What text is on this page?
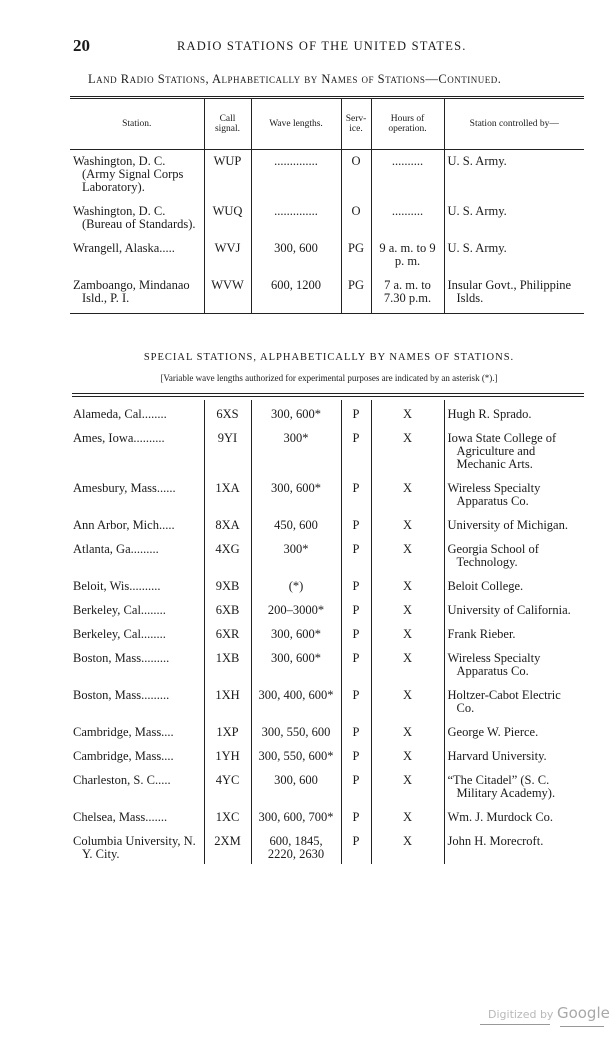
20	RADIO STATIONS OF THE UNITED STATES.
Land Radio Stations, Alphabetically by Names of Stations—Continued.
Station.	Call signal.	Wave lengths.	Serv-ice.	Hours of operation.	Station controlled by—
Washington, D. C. (Army Signal Corps Laboratory).	WUP	..............	O	..........	U. S. Army.
Washington, D. C. (Bureau of Standards).	WUQ	..............	O	..........	U. S. Army.
Wrangell, Alaska.....	WVJ	300, 600	PG	9 a. m. to 9 p. m.	U. S. Army.
Zamboango, Mindanao Isld., P. I.	WVW	600, 1200	PG	7 a. m. to 7.30 p.m.	Insular Govt., Philippine Islds.
SPECIAL STATIONS, ALPHABETICALLY BY NAMES OF STATIONS.
[Variable wave lengths authorized for experimental purposes are indicated by an asterisk (*).]
Alameda, Cal........	6XS	300, 600*	P	X	Hugh R. Sprado.
Ames, Iowa..........	9YI	300*	P	X	Iowa State College of Agriculture and Mechanic Arts.
Amesbury, Mass......	1XA	300, 600*	P	X	Wireless Specialty Apparatus Co.
Ann Arbor, Mich.....	8XA	450, 600	P	X	University of Michigan.
Atlanta, Ga.........	4XG	300*	P	X	Georgia School of Technology.
Beloit, Wis..........	9XB	(*)	P	X	Beloit College.
Berkeley, Cal........	6XB	200–3000*	P	X	University of California.
Berkeley, Cal........	6XR	300, 600*	P	X	Frank Rieber.
Boston, Mass.........	1XB	300, 600*	P	X	Wireless Specialty Apparatus Co.
Boston, Mass.........	1XH	300, 400, 600*	P	X	Holtzer-Cabot Electric Co.
Cambridge, Mass....	1XP	300, 550, 600	P	X	George W. Pierce.
Cambridge, Mass....	1YH	300, 550, 600*	P	X	Harvard University.
Charleston, S. C.....	4YC	300, 600	P	X	“The Citadel” (S. C. Military Academy).
Chelsea, Mass.......	1XC	300, 600, 700*	P	X	Wm. J. Murdock Co.
Columbia University, N. Y. City.	2XM	600, 1845, 2220, 2630	P	X	John H. Morecroft.
Digitized by Google
